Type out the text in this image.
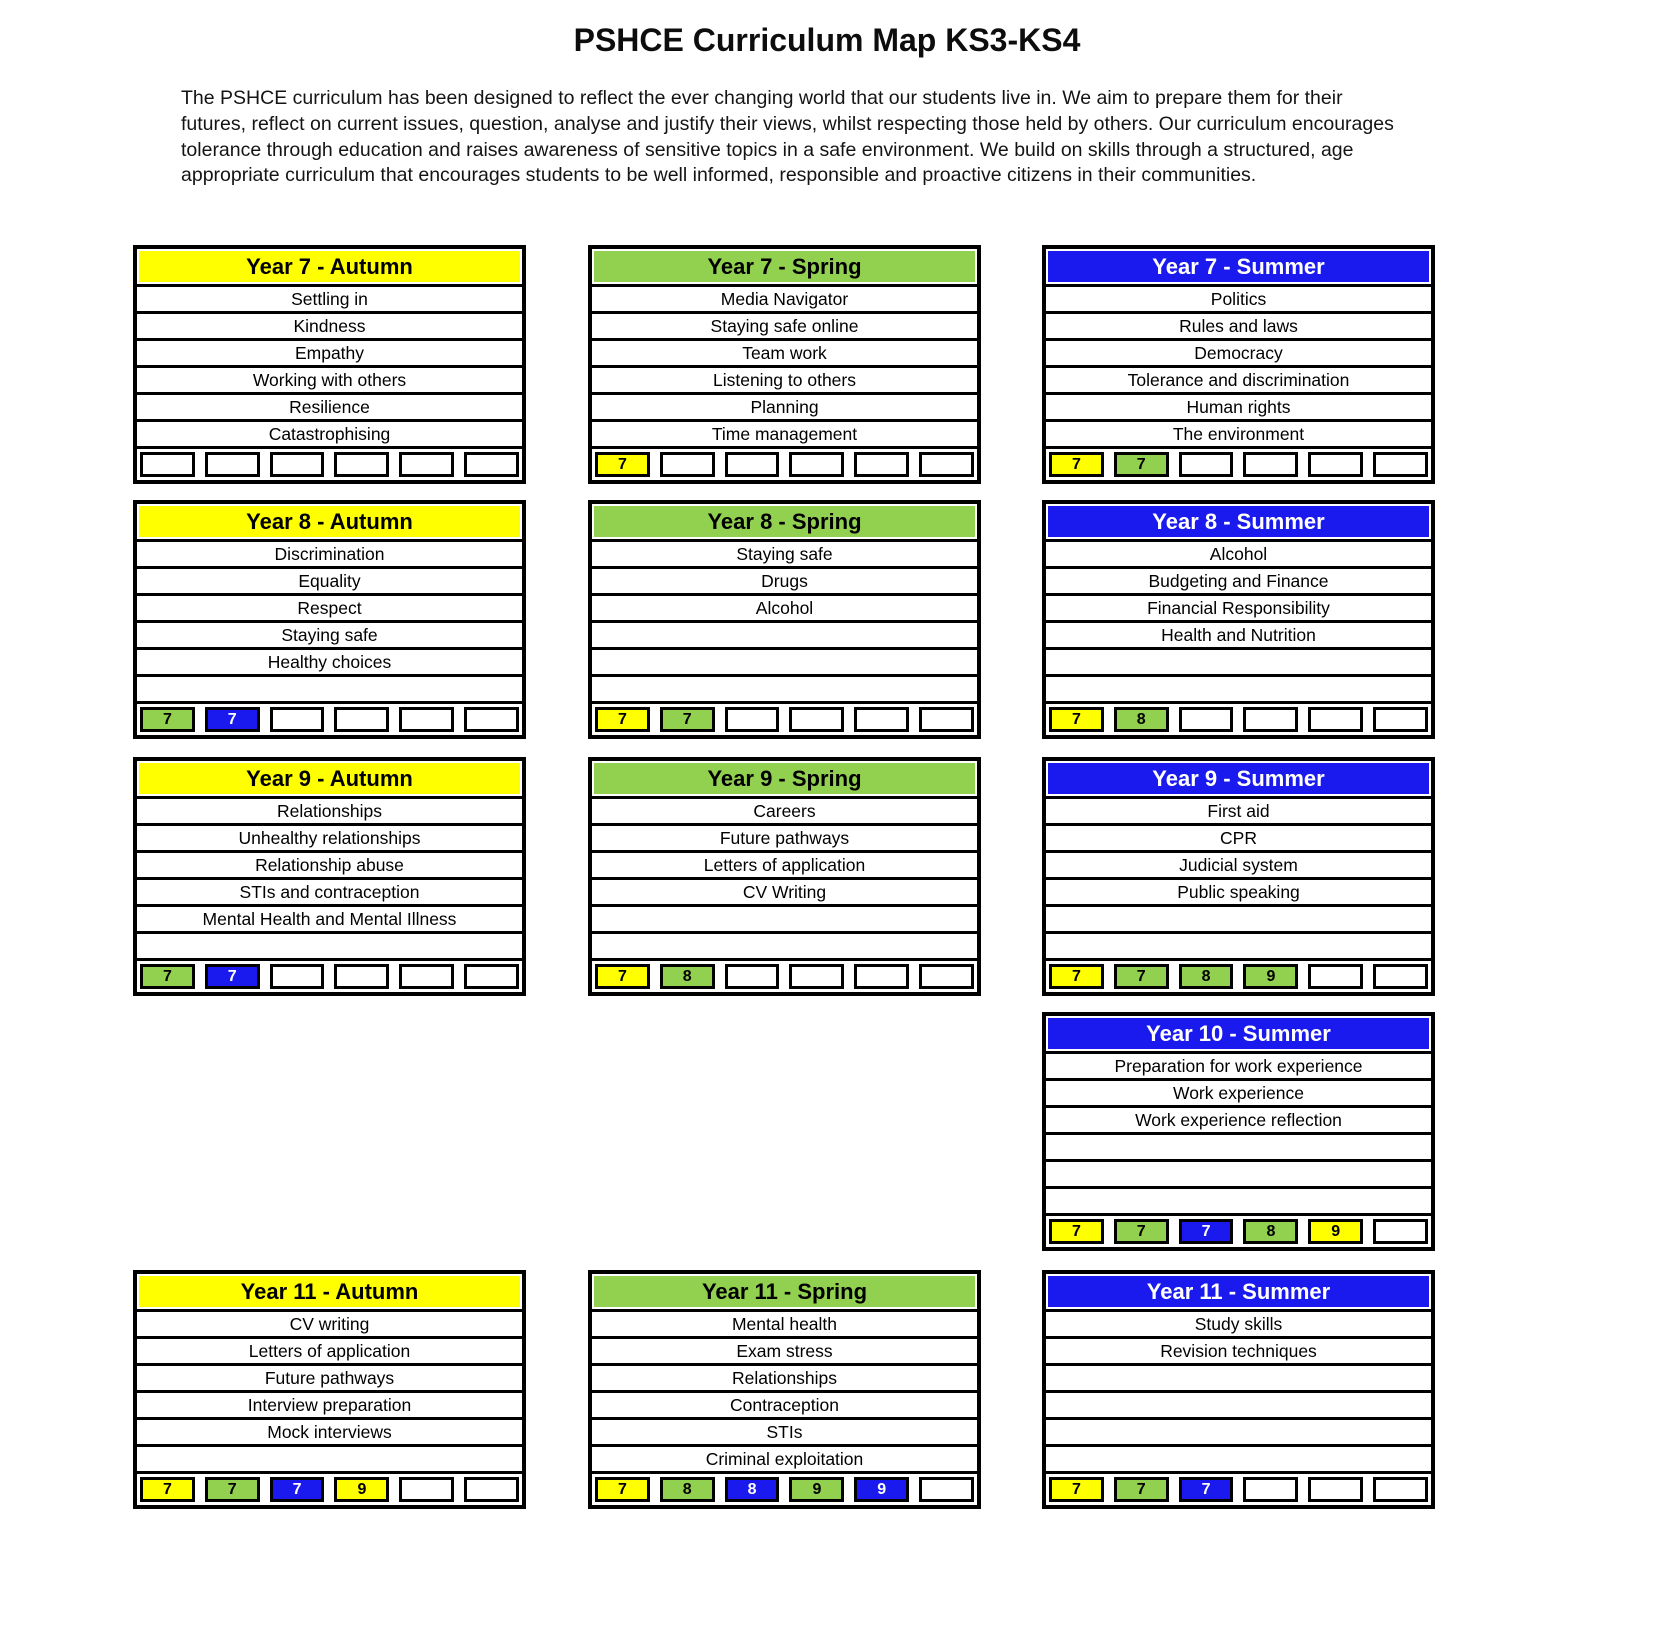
PSHCE Curriculum Map KS3-KS4

The PSHCE curriculum has been designed to reflect the ever changing world that our students live in. We aim to prepare them for their futures, reflect on current issues, question, analyse and justify their views, whilst respecting those held by others. Our curriculum encourages tolerance through education and raises awareness of sensitive topics in a safe environment. We build on skills through a structured, age appropriate curriculum that encourages students to be well informed, responsible and proactive citizens in their communities.

Year 7 - Autumn
Settling in
Kindness
Empathy
Working with others
Resilience
Catastrophising
Year 7 - Spring
Media Navigator
Staying safe online
Team work
Listening to others
Planning
Time management
7
Year 7 - Summer
Politics
Rules and laws
Democracy
Tolerance and discrimination
Human rights
The environment
7	7
Year 8 - Autumn
Discrimination
Equality
Respect
Staying safe
Healthy choices
7	7
Year 8 - Spring
Staying safe
Drugs
Alcohol
7	7
Year 8 - Summer
Alcohol
Budgeting and Finance
Financial Responsibility
Health and Nutrition
7	8
Year 9 - Autumn
Relationships
Unhealthy relationships
Relationship abuse
STIs and contraception
Mental Health and Mental Illness
7	7
Year 9 - Spring
Careers
Future pathways
Letters of application
CV Writing
7	8
Year 9 - Summer
First aid
CPR
Judicial system
Public speaking
7	7	8	9
Year 10 - Summer
Preparation for work experience
Work experience
Work experience reflection
7	7	7	8	9
Year 11 - Autumn
CV writing
Letters of application
Future pathways
Interview preparation
Mock interviews
7	7	7	9
Year 11 - Spring
Mental health
Exam stress
Relationships
Contraception
STIs
Criminal exploitation
7	8	8	9	9
Year 11 - Summer
Study skills
Revision techniques
7	7	7
